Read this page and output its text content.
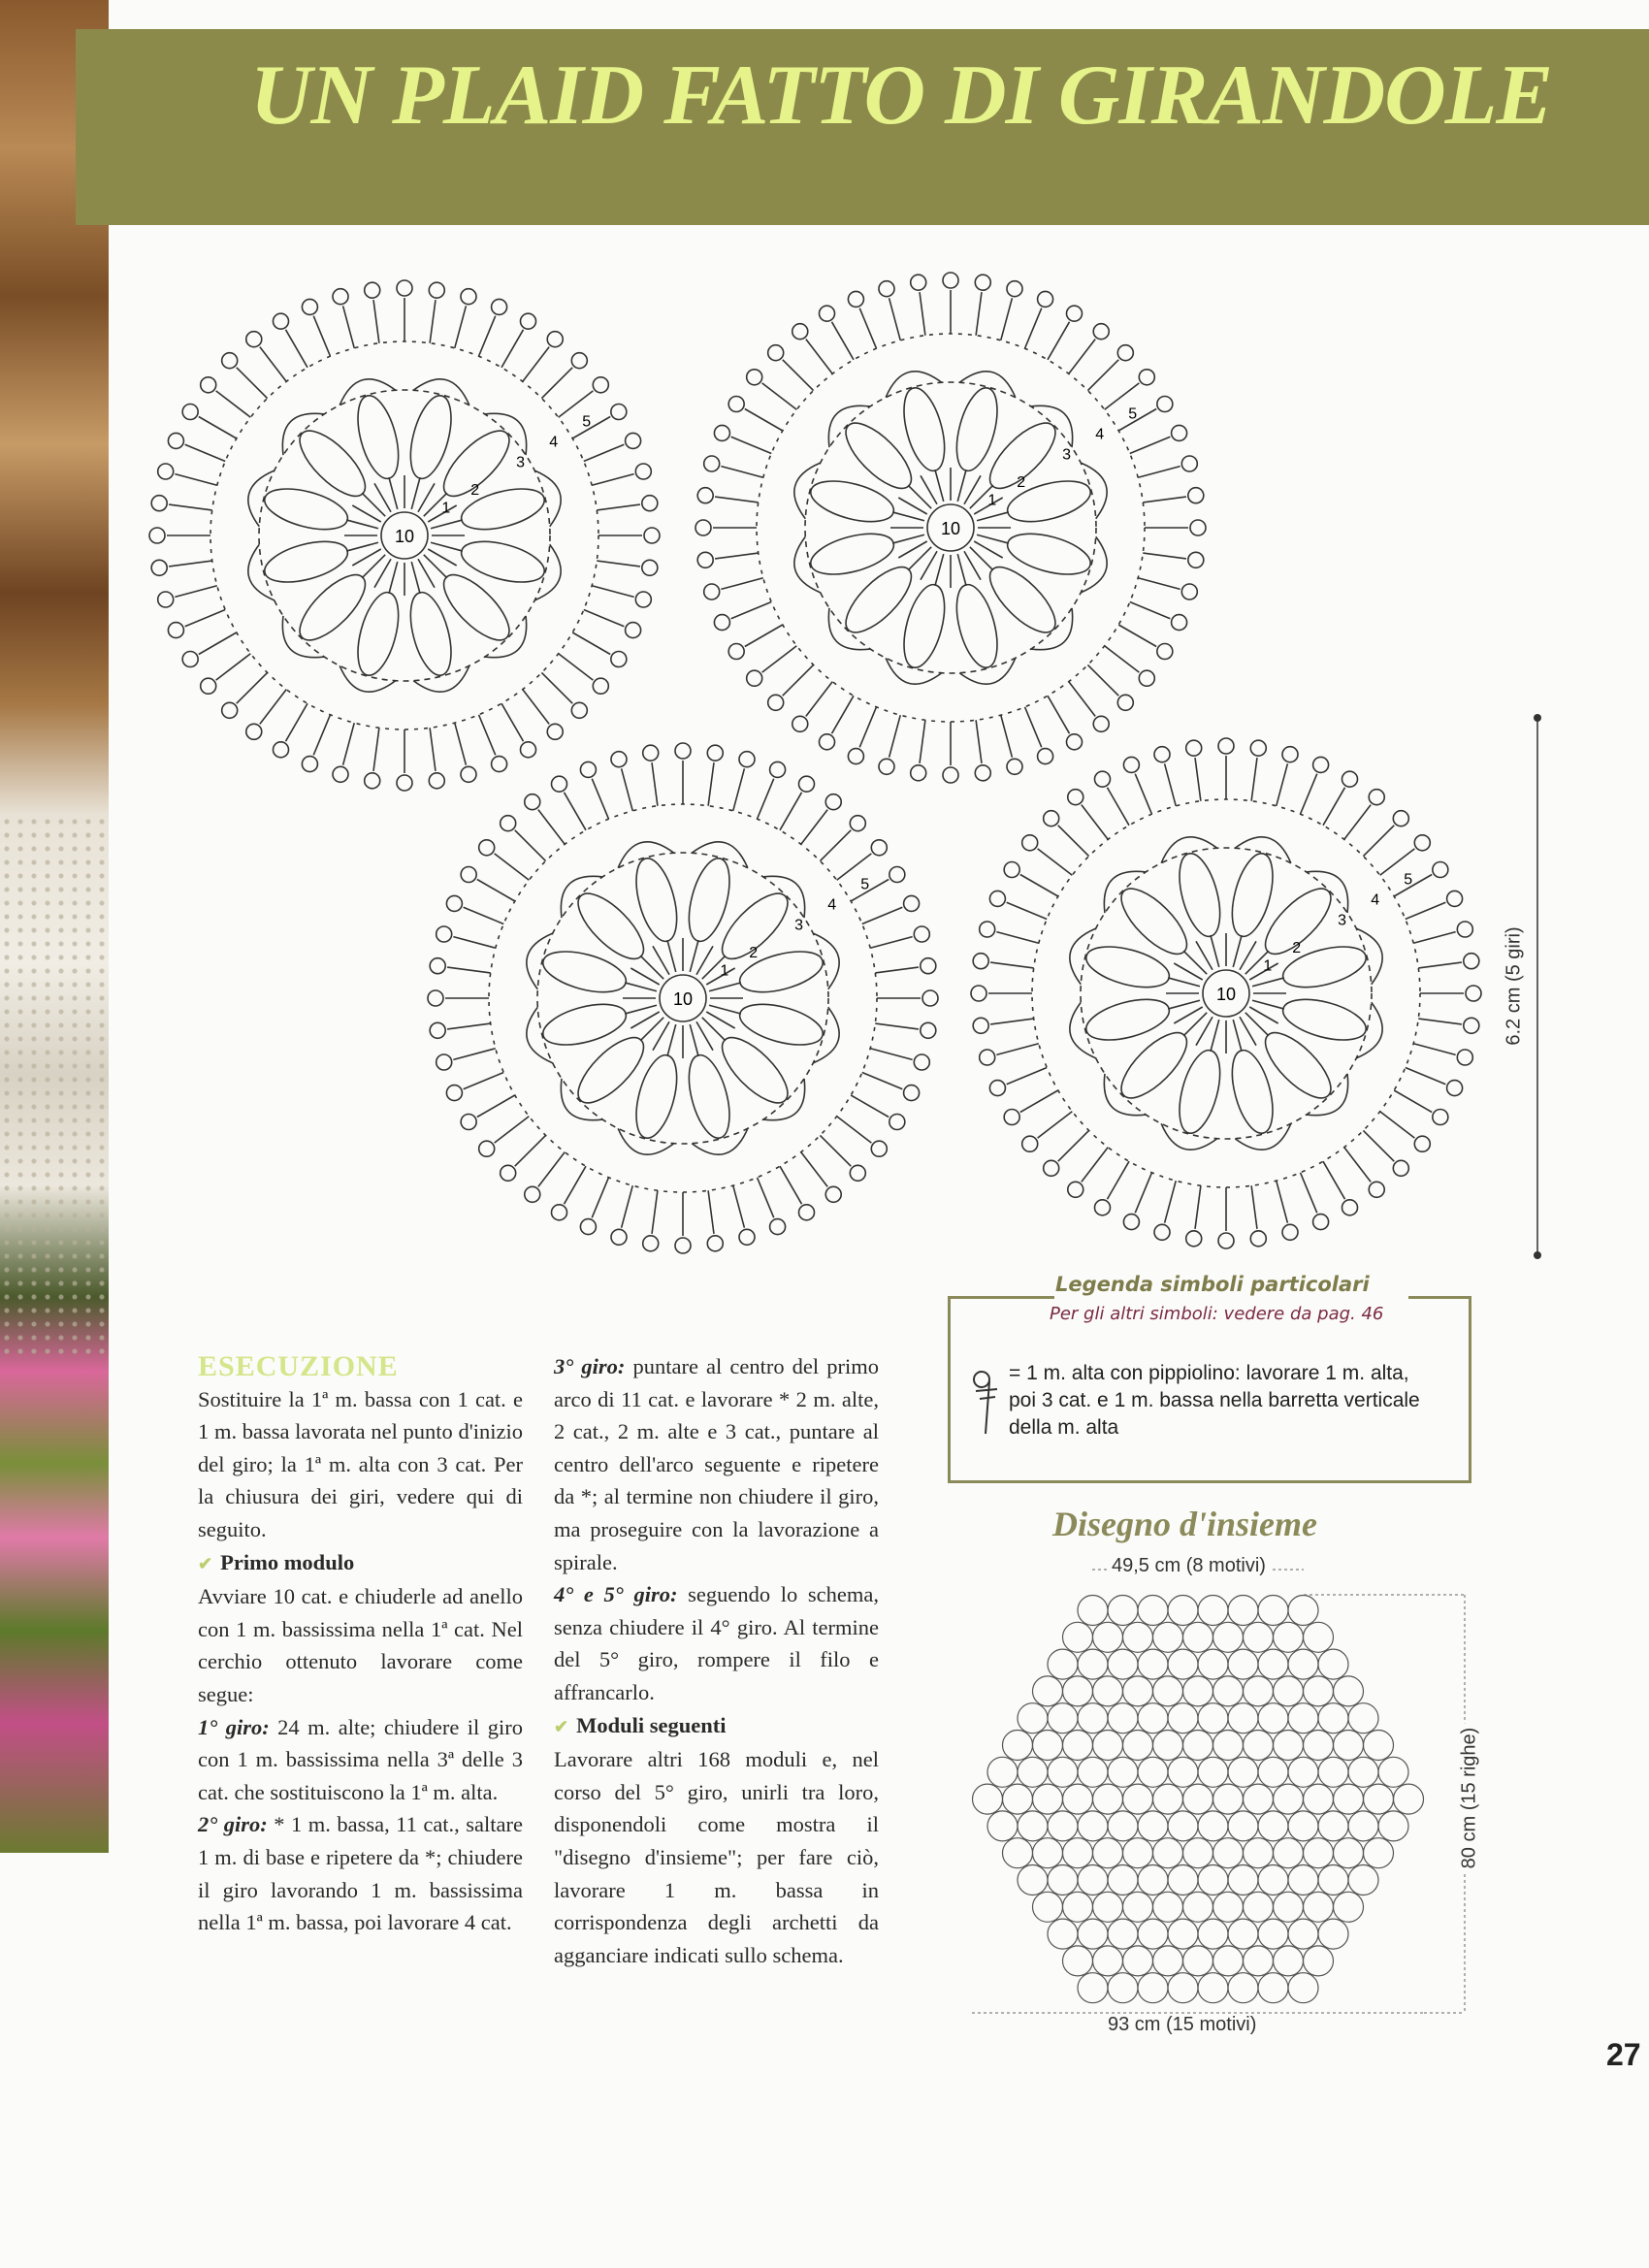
UN PLAID FATTO DI GIRANDOLE
10
1
2
3
4
5
10
1
2
3
4
5
10
1
2
3
4
5
10
1
2
3
4
5
6.2 cm (5 giri)

ESECUZIONE

Sostituire la 1ª m. bassa con 1 cat. e 1 m. bassa lavorata nel punto d'inizio del giro; la 1ª m. alta con 3 cat. Per la chiusura dei giri, vedere qui di seguito.

✔ Primo modulo

Avviare 10 cat. e chiuderle ad anello con 1 m. bassissima nella 1ª cat. Nel cerchio ottenuto lavorare come segue:

1° giro: 24 m. alte; chiudere il giro con 1 m. bassissima nella 3ª delle 3 cat. che sostituiscono la 1ª m. alta.

2° giro: * 1 m. bassa, 11 cat., saltare 1 m. di base e ripetere da *; chiudere il giro lavorando 1 m. bassissima nella 1ª m. bassa, poi lavorare 4 cat.

3° giro: puntare al centro del primo arco di 11 cat. e lavorare * 2 m. alte, 2 cat., 2 m. alte e 3 cat., puntare al centro dell'arco seguente e ripetere da *; al termine non chiudere il giro, ma proseguire con la lavorazione a spirale.

4° e 5° giro: seguendo lo schema, senza chiudere il 4° giro. Al termine del 5° giro, rompere il filo e affrancarlo.

✔ Moduli seguenti

Lavorare altri 168 moduli e, nel corso del 5° giro, unirli tra loro, disponendoli come mostra il "disegno d'insieme"; per fare ciò, lavorare 1 m. bassa in corrispondenza degli archetti da agganciare indicati sullo schema.

Legenda simboli particolari
Per gli altri simboli: vedere da pag. 46
= 1 m. alta con pippiolino: lavorare 1 m. alta, poi 3 cat. e 1 m. bassa nella barretta verticale della m. alta
Disegno d'insieme
49,5 cm (8 motivi)
93 cm (15 motivi)
80 cm (15 righe)
27
